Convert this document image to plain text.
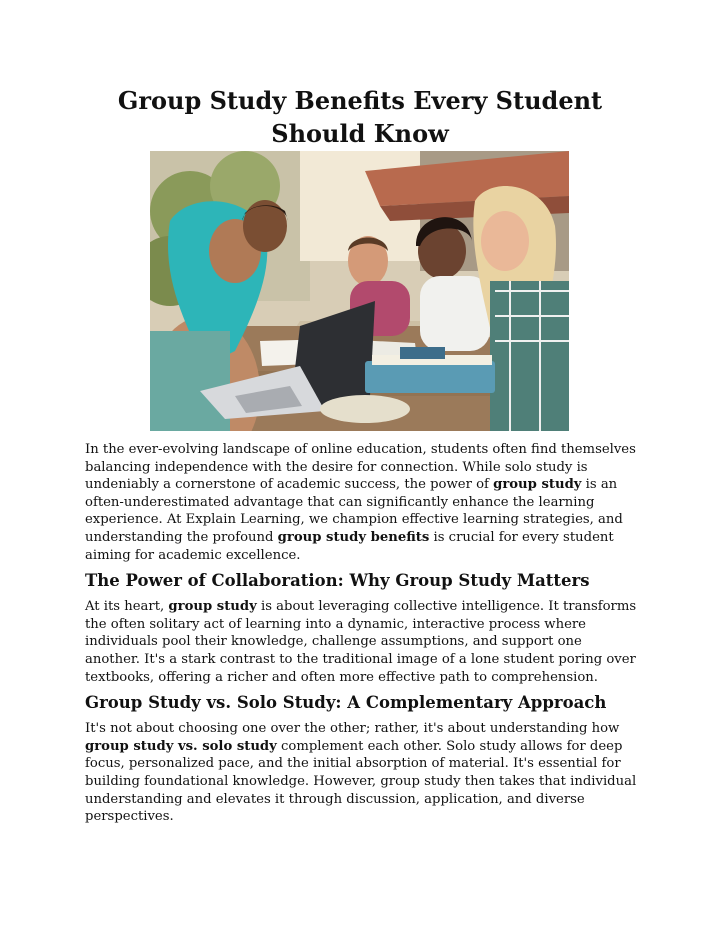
Group Study Benefits Every Student Should Know

In the ever-evolving landscape of online education, students often find themselves balancing independence with the desire for connection. While solo study is undeniably a cornerstone of academic success, the power of group study is an often-underestimated advantage that can significantly enhance the learning experience. At Explain Learning, we champion effective learning strategies, and understanding the profound group study benefits is crucial for every student aiming for academic excellence.

The Power of Collaboration: Why Group Study Matters

At its heart, group study is about leveraging collective intelligence. It transforms the often solitary act of learning into a dynamic, interactive process where individuals pool their knowledge, challenge assumptions, and support one another. It's a stark contrast to the traditional image of a lone student poring over textbooks, offering a richer and often more effective path to comprehension.

Group Study vs. Solo Study: A Complementary Approach

It's not about choosing one over the other; rather, it's about understanding how group study vs. solo study complement each other. Solo study allows for deep focus, personalized pace, and the initial absorption of material. It's essential for building foundational knowledge. However, group study then takes that individual understanding and elevates it through discussion, application, and diverse perspectives.
